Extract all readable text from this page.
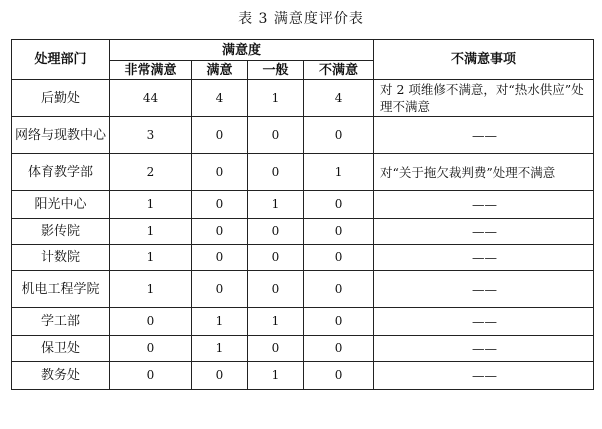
表 3 满意度评价表
处理部门	满意度				不满意事项
	非常满意	满意	一般	不满意	
后勤处	44	4	1	4	对 2 项维修不满意，对“热水供应”处理不满意
网络与现教中心	3	0	0	0	——
体育教学部	2	0	0	1	对“关于拖欠裁判费”处理不满意
阳光中心	1	0	1	0	——
影传院	1	0	0	0	——
计数院	1	0	0	0	——
机电工程学院	1	0	0	0	——
学工部	0	1	1	0	——
保卫处	0	1	0	0	——
教务处	0	0	1	0	——
